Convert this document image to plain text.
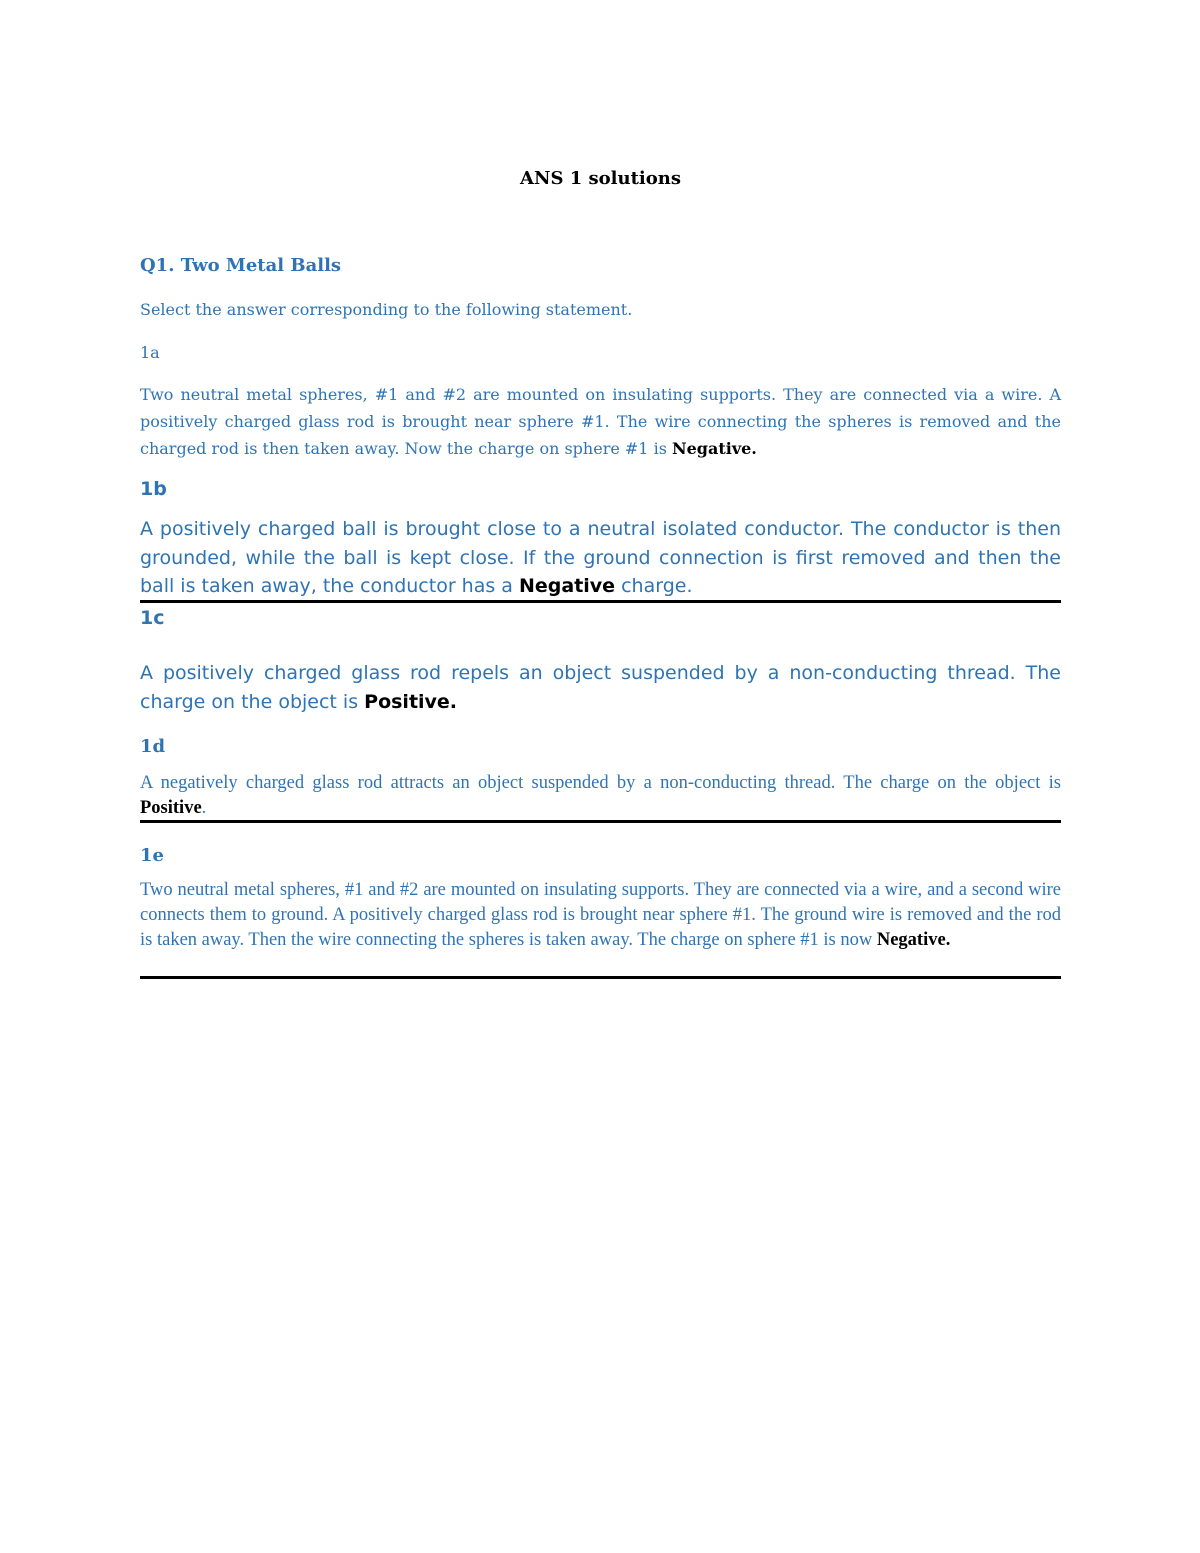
ANS 1 solutions
Q1. Two Metal Balls
Select the answer corresponding to the following statement.
1a
Two neutral metal spheres, #1 and #2 are mounted on insulating supports. They are connected via a wire. A positively charged glass rod is brought near sphere #1. The wire connecting the spheres is removed and the charged rod is then taken away. Now the charge on sphere #1 is Negative.
1b
A positively charged ball is brought close to a neutral isolated conductor. The conductor is then grounded, while the ball is kept close. If the ground connection is first removed and then the ball is taken away, the conductor has a Negative charge.
1c
A positively charged glass rod repels an object suspended by a non-conducting thread. The charge on the object is Positive.
1d
A negatively charged glass rod attracts an object suspended by a non-conducting thread. The charge on the object is Positive.
1e
Two neutral metal spheres, #1 and #2 are mounted on insulating supports. They are connected via a wire, and a second wire connects them to ground. A positively charged glass rod is brought near sphere #1. The ground wire is removed and the rod is taken away. Then the wire connecting the spheres is taken away. The charge on sphere #1 is now Negative.
